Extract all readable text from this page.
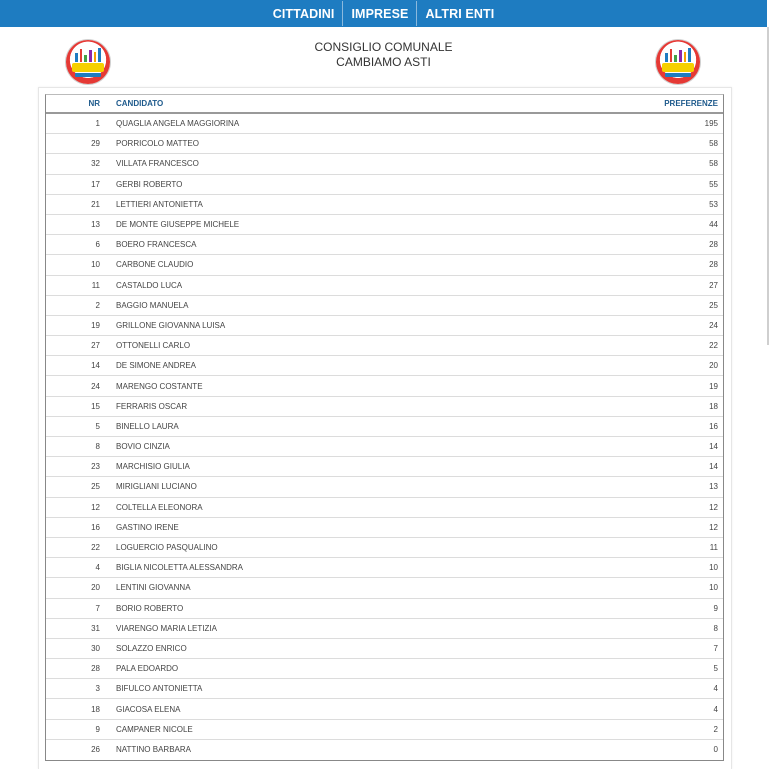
CITTADINI	IMPRESE	ALTRI ENTI
CONSIGLIO COMUNALE
CAMBIAMO ASTI
NR	CANDIDATO	PREFERENZE
1	QUAGLIA ANGELA MAGGIORINA	195
29	PORRICOLO MATTEO	58
32	VILLATA FRANCESCO	58
17	GERBI ROBERTO	55
21	LETTIERI ANTONIETTA	53
13	DE MONTE GIUSEPPE MICHELE	44
6	BOERO FRANCESCA	28
10	CARBONE CLAUDIO	28
11	CASTALDO LUCA	27
2	BAGGIO MANUELA	25
19	GRILLONE GIOVANNA LUISA	24
27	OTTONELLI CARLO	22
14	DE SIMONE ANDREA	20
24	MARENGO COSTANTE	19
15	FERRARIS OSCAR	18
5	BINELLO LAURA	16
8	BOVIO CINZIA	14
23	MARCHISIO GIULIA	14
25	MIRIGLIANI LUCIANO	13
12	COLTELLA ELEONORA	12
16	GASTINO IRENE	12
22	LOGUERCIO PASQUALINO	11
4	BIGLIA NICOLETTA ALESSANDRA	10
20	LENTINI GIOVANNA	10
7	BORIO ROBERTO	9
31	VIARENGO MARIA LETIZIA	8
30	SOLAZZO ENRICO	7
28	PALA EDOARDO	5
3	BIFULCO ANTONIETTA	4
18	GIACOSA ELENA	4
9	CAMPANER NICOLE	2
26	NATTINO BARBARA	0
